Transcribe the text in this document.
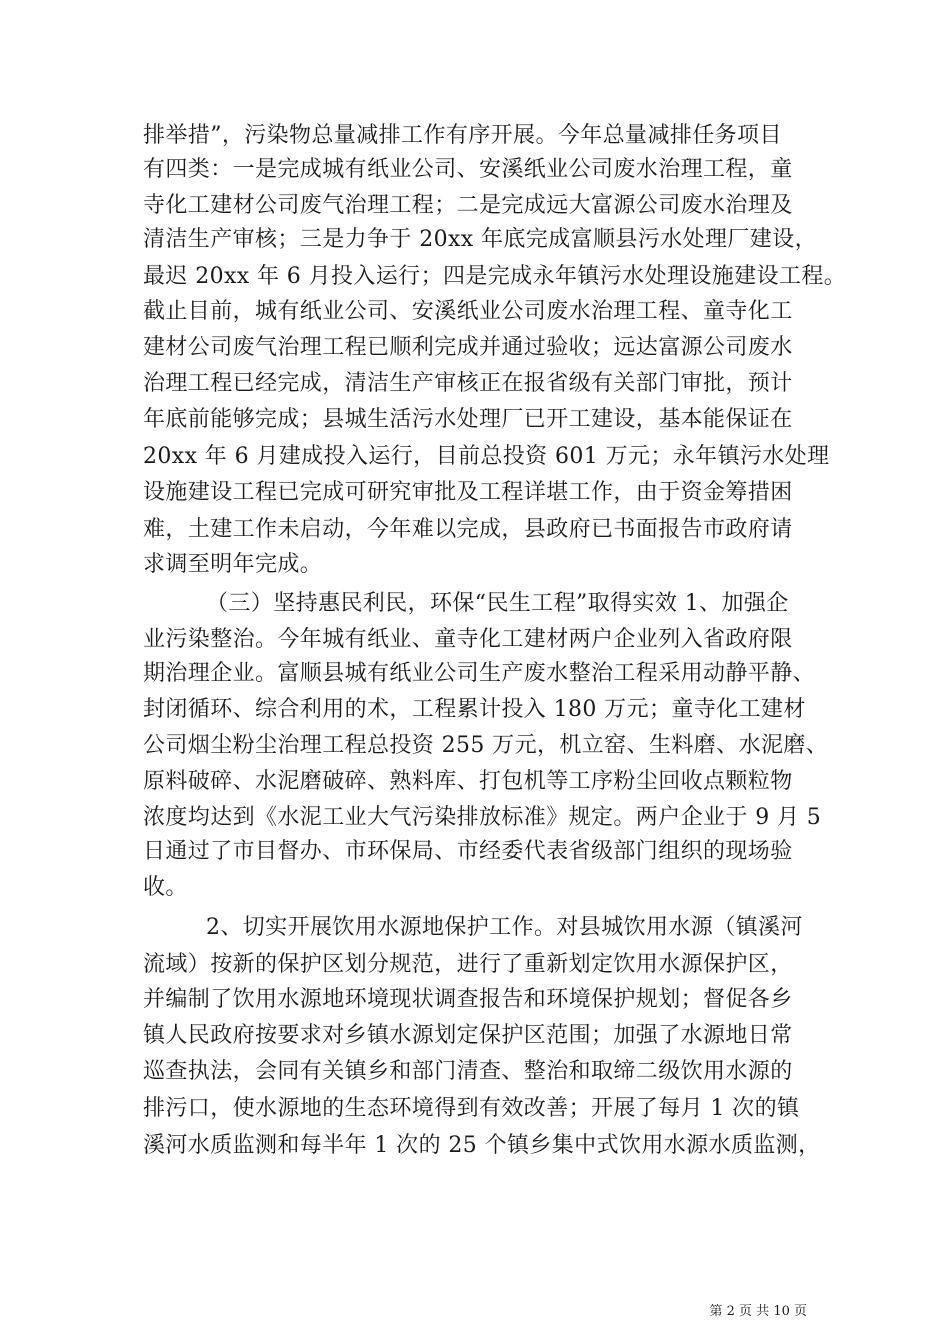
排举措”，污染物总量减排工作有序开展。今年总量减排任务项目
有四类：一是完成城有纸业公司、安溪纸业公司废水治理工程，童
寺化工建材公司废气治理工程；二是完成远大富源公司废水治理及
清洁生产审核；三是力争于 20xx 年底完成富顺县污水处理厂建设，
最迟 20xx 年 6 月投入运行；四是完成永年镇污水处理设施建设工程。
截止目前，城有纸业公司、安溪纸业公司废水治理工程、童寺化工
建材公司废气治理工程已顺利完成并通过验收；远达富源公司废水
治理工程已经完成，清洁生产审核正在报省级有关部门审批，预计
年底前能够完成；县城生活污水处理厂已开工建设，基本能保证在
20xx 年 6 月建成投入运行，目前总投资 601 万元；永年镇污水处理
设施建设工程已完成可研究审批及工程详堪工作，由于资金筹措困
难，土建工作未启动，今年难以完成，县政府已书面报告市政府请
求调至明年完成。
（三）坚持惠民利民，环保“民生工程”取得实效 1、加强企
业污染整治。今年城有纸业、童寺化工建材两户企业列入省政府限
期治理企业。富顺县城有纸业公司生产废水整治工程采用动静平静、
封闭循环、综合利用的术，工程累计投入 180 万元；童寺化工建材
公司烟尘粉尘治理工程总投资 255 万元，机立窑、生料磨、水泥磨、
原料破碎、水泥磨破碎、熟料库、打包机等工序粉尘回收点颗粒物
浓度均达到《水泥工业大气污染排放标准》规定。两户企业于 9 月 5
日通过了市目督办、市环保局、市经委代表省级部门组织的现场验
收。
2、切实开展饮用水源地保护工作。对县城饮用水源（镇溪河
流域）按新的保护区划分规范，进行了重新划定饮用水源保护区，
并编制了饮用水源地环境现状调查报告和环境保护规划；督促各乡
镇人民政府按要求对乡镇水源划定保护区范围；加强了水源地日常
巡查执法，会同有关镇乡和部门清查、整治和取缔二级饮用水源的
排污口，使水源地的生态环境得到有效改善；开展了每月 1 次的镇
溪河水质监测和每半年 1 次的 25 个镇乡集中式饮用水源水质监测，
第 2 页 共 10 页
